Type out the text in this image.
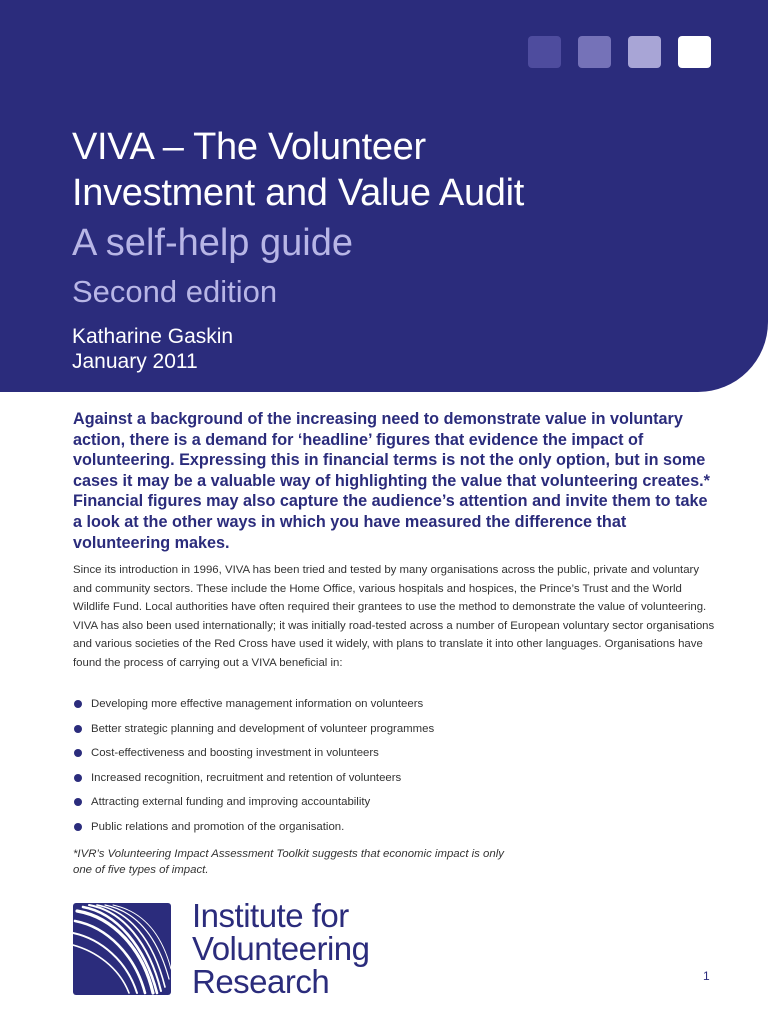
VIVA – The Volunteer
Investment and Value Audit
A self-help guide
Second edition

Katharine Gaskin

January 2011

Against a background of the increasing need to demonstrate value in voluntary action, there is a demand for ‘headline’ figures that evidence the impact of volunteering. Expressing this in financial terms is not the only option, but in some cases it may be a valuable way of highlighting the value that volunteering creates.* Financial figures may also capture the audience’s attention and invite them to take a look at the other ways in which you have measured the difference that volunteering makes.

Since its introduction in 1996, VIVA has been tried and tested by many organisations across the public, private and voluntary and community sectors. These include the Home Office, various hospitals and hospices, the Prince’s Trust and the World Wildlife Fund. Local authorities have often required their grantees to use the method to demonstrate the value of volunteering. VIVA has also been used internationally; it was initially road-tested across a number of European voluntary sector organisations and various societies of the Red Cross have used it widely, with plans to translate it into other languages. Organisations have found the process of carrying out a VIVA beneficial in:

Developing more effective management information on volunteers
Better strategic planning and development of volunteer programmes
Cost-effectiveness and boosting investment in volunteers
Increased recognition, recruitment and retention of volunteers
Attracting external funding and improving accountability
Public relations and promotion of the organisation.

*IVR’s Volunteering Impact Assessment Toolkit suggests that economic impact is only
one of five types of impact.

Institute for
Volunteering
Research	1
